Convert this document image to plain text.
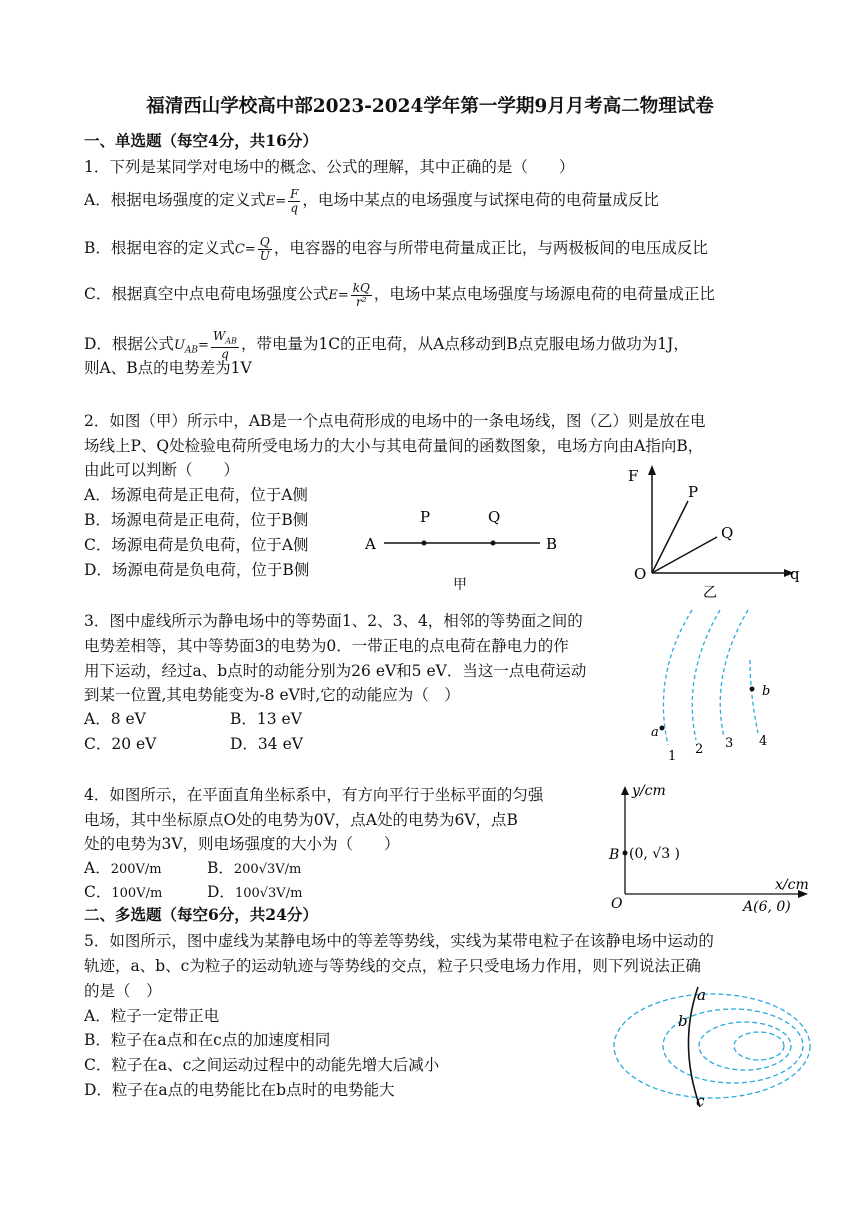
福清西山学校高中部2023-2024学年第一学期9月月考高二物理试卷
一、单选题（每空4分，共16分）
1．下列是某同学对电场中的概念、公式的理解，其中正确的是（　　）
A．根据电场强度的定义式$E= \frac{F}{q}$ ，电场中某点的电场强度与试探电荷的电荷量成反比
B．根据电容的定义式$C= \frac{Q}{U}$ ，电容器的电容与所带电荷量成正比，与两极板间的电压成反比
C．根据真空中点电荷电场强度公式$E= \frac{kQ}{\text{r²}}$ ，电场中某点电场强度与场源电荷的电荷量成正比
D．根据公式$U_{AB}= \frac{W_{AB}}{q}$ ，带电量为1C的正电荷，从A点移动到B点克服电场力做功为1J，
则A、B点的电势差为1V
2．如图（甲）所示中，AB是一个点电荷形成的电场中的一条电场线，图（乙）则是放在电
场线上P、Q处检验电荷所受电场力的大小与其电荷量间的函数图象，电场方向由A指向B，
由此可以判断（　　）
A．场源电荷是正电荷，位于A侧
B．场源电荷是正电荷，位于B侧
C．场源电荷是负电荷，位于A侧
D．场源电荷是负电荷，位于B侧
A	B
P	Q
甲
F
P
Q
O	q
乙
3．图中虚线所示为静电场中的等势面1、2、3、4，相邻的等势面之间的
电势差相等，其中等势面3的电势为0．一带正电的点电荷在静电力的作
用下运动，经过a、b点时的动能分别为26 eV和5 eV．当这一点电荷运动
到某一位置,其电势能变为-8 eV时,它的动能应为（　）
A．8 eV	B．13 eV
C．20 eV	D．34 eV
a
b
1 2 3 4
4．如图所示，在平面直角坐标系中，有方向平行于坐标平面的匀强
电场，其中坐标原点O处的电势为0V，点A处的电势为6V，点B
处的电势为3V，则电场强度的大小为（　　）
A．200V/m	B．200√3V/m
C．100V/m	D．100√3V/m
y/cm
x/cm
O	A(6, 0)
B (0, √3 )
二、多选题（每空6分，共24分）
5．如图所示，图中虚线为某静电场中的等差等势线，实线为某带电粒子在该静电场中运动的
轨迹，a、b、c为粒子的运动轨迹与等势线的交点，粒子只受电场力作用，则下列说法正确
的是（　）
A．粒子一定带正电
B．粒子在a点和在c点的加速度相同
C．粒子在a、c之间运动过程中的动能先增大后减小
D．粒子在a点的电势能比在b点时的电势能大
a
b
c
